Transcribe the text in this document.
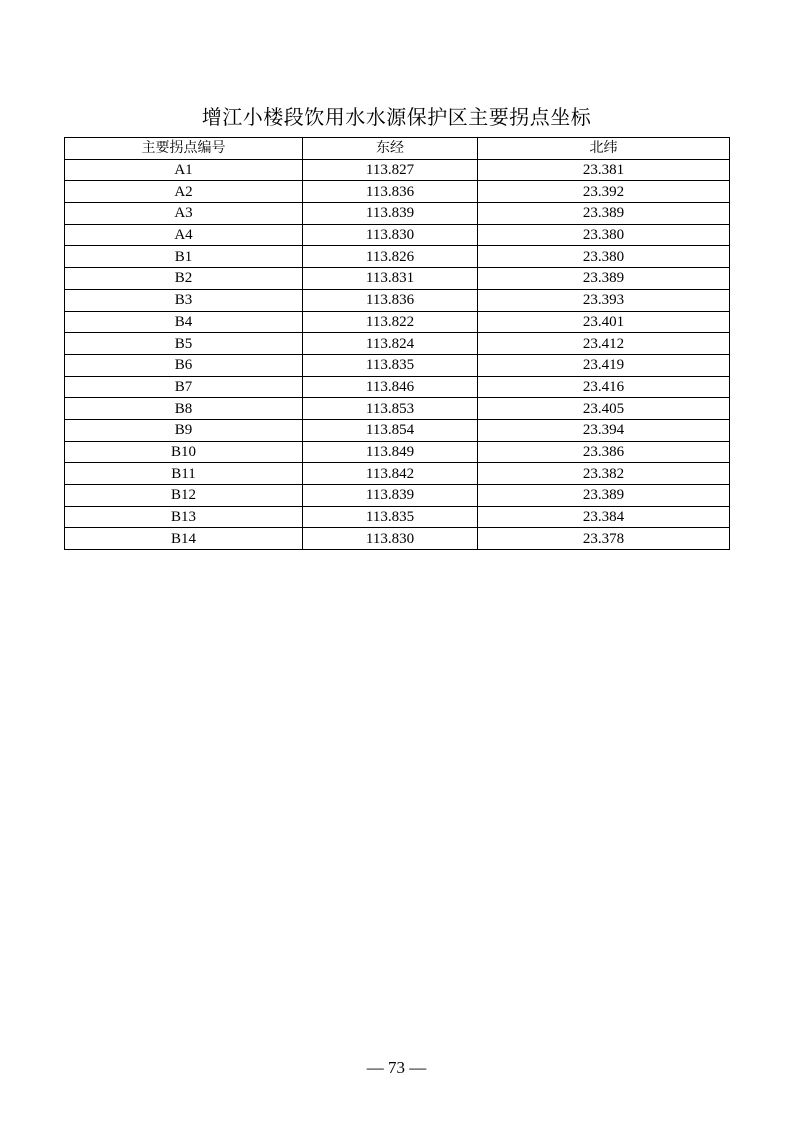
增江小楼段饮用水水源保护区主要拐点坐标
主要拐点编号	东经	北纬
A1	113.827	23.381
A2	113.836	23.392
A3	113.839	23.389
A4	113.830	23.380
B1	113.826	23.380
B2	113.831	23.389
B3	113.836	23.393
B4	113.822	23.401
B5	113.824	23.412
B6	113.835	23.419
B7	113.846	23.416
B8	113.853	23.405
B9	113.854	23.394
B10	113.849	23.386
B11	113.842	23.382
B12	113.839	23.389
B13	113.835	23.384
B14	113.830	23.378
— 73 —
